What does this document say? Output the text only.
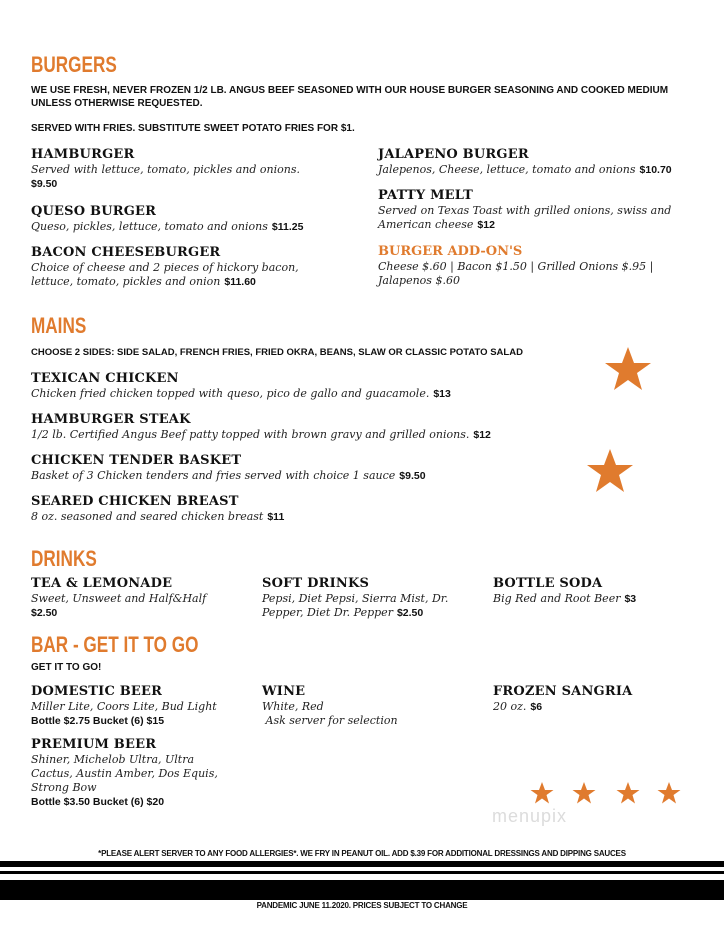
BURGERS
WE USE FRESH, NEVER FROZEN 1/2 LB. ANGUS BEEF SEASONED WITH OUR HOUSE BURGER SEASONING AND COOKED MEDIUM UNLESS OTHERWISE REQUESTED.
SERVED WITH FRIES. SUBSTITUTE SWEET POTATO FRIES FOR $1.
HAMBURGER
Served with lettuce, tomato, pickles and onions.
$9.50
QUESO BURGER
Queso, pickles, lettuce, tomato and onions $11.25
BACON CHEESEBURGER
Choice of cheese and 2 pieces of hickory bacon, lettuce, tomato, pickles and onion $11.60
JALAPENO BURGER
Jalepenos, Cheese, lettuce, tomato and onions $10.70
PATTY MELT
Served on Texas Toast with grilled onions, swiss and American cheese $12
BURGER ADD-ON'S
Cheese $.60 | Bacon $1.50 | Grilled Onions $.95 | Jalapenos $.60
MAINS
CHOOSE 2 SIDES: SIDE SALAD, FRENCH FRIES, FRIED OKRA, BEANS, SLAW OR CLASSIC POTATO SALAD
TEXICAN CHICKEN
Chicken fried chicken topped with queso, pico de gallo and guacamole. $13
HAMBURGER STEAK
1/2 lb. Certified Angus Beef patty topped with brown gravy and grilled onions. $12
CHICKEN TENDER BASKET
Basket of 3 Chicken tenders and fries served with choice 1 sauce $9.50
SEARED CHICKEN BREAST
8 oz. seasoned and seared chicken breast $11
DRINKS
TEA & LEMONADE
Sweet, Unsweet and Half&Half
$2.50
SOFT DRINKS
Pepsi, Diet Pepsi, Sierra Mist, Dr. Pepper, Diet Dr. Pepper $2.50
BOTTLE SODA
Big Red and Root Beer $3
BAR - GET IT TO GO
GET IT TO GO!
DOMESTIC BEER
Miller Lite, Coors Lite, Bud Light
Bottle $2.75 Bucket (6) $15
WINE
White, Red
Ask server for selection
FROZEN SANGRIA
20 oz. $6
PREMIUM BEER
Shiner, Michelob Ultra, Ultra Cactus, Austin Amber, Dos Equis, Strong Bow
Bottle $3.50 Bucket (6) $20
menu​pix
*PLEASE ALERT SERVER TO ANY FOOD ALLERGIES*. WE FRY IN PEANUT OIL. ADD $.39 FOR ADDITIONAL DRESSINGS AND DIPPING SAUCES
PANDEMIC JUNE 11.2020. PRICES SUBJECT TO CHANGE
